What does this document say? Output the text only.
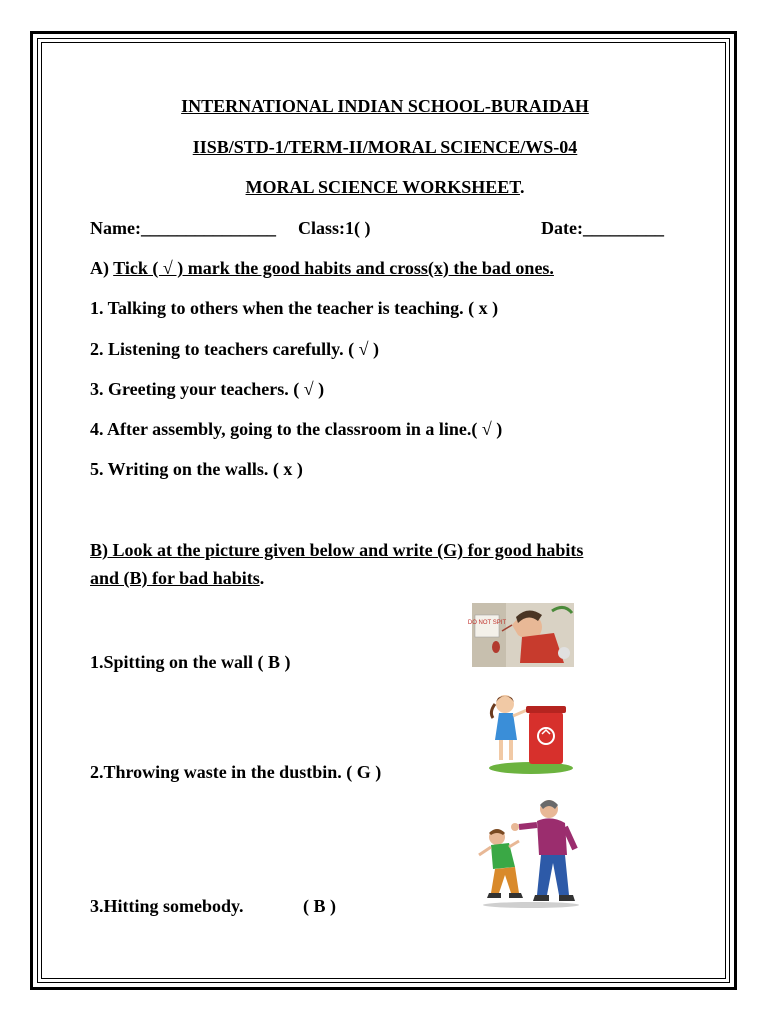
INTERNATIONAL INDIAN SCHOOL-BURAIDAH
IISB/STD-1/TERM-II/MORAL SCIENCE/WS-04
MORAL SCIENCE WORKSHEET.
Name:_______________ Class:1( )	Date:_________
A) Tick ( √ ) mark the good habits and cross(x) the bad ones.
1. Talking to others when the teacher is teaching. ( x )
2. Listening to teachers carefully. ( √ )
3. Greeting your teachers. ( √ )
4. After assembly, going to the classroom in a line.( √ )
5. Writing on the walls. ( x )
B) Look at the picture given below and write (G) for good habits
and (B) for bad habits.
DO NOT SPIT
1.Spitting on the wall ( B )
2.Throwing waste in the dustbin. ( G )
3.Hitting somebody.	( B )
